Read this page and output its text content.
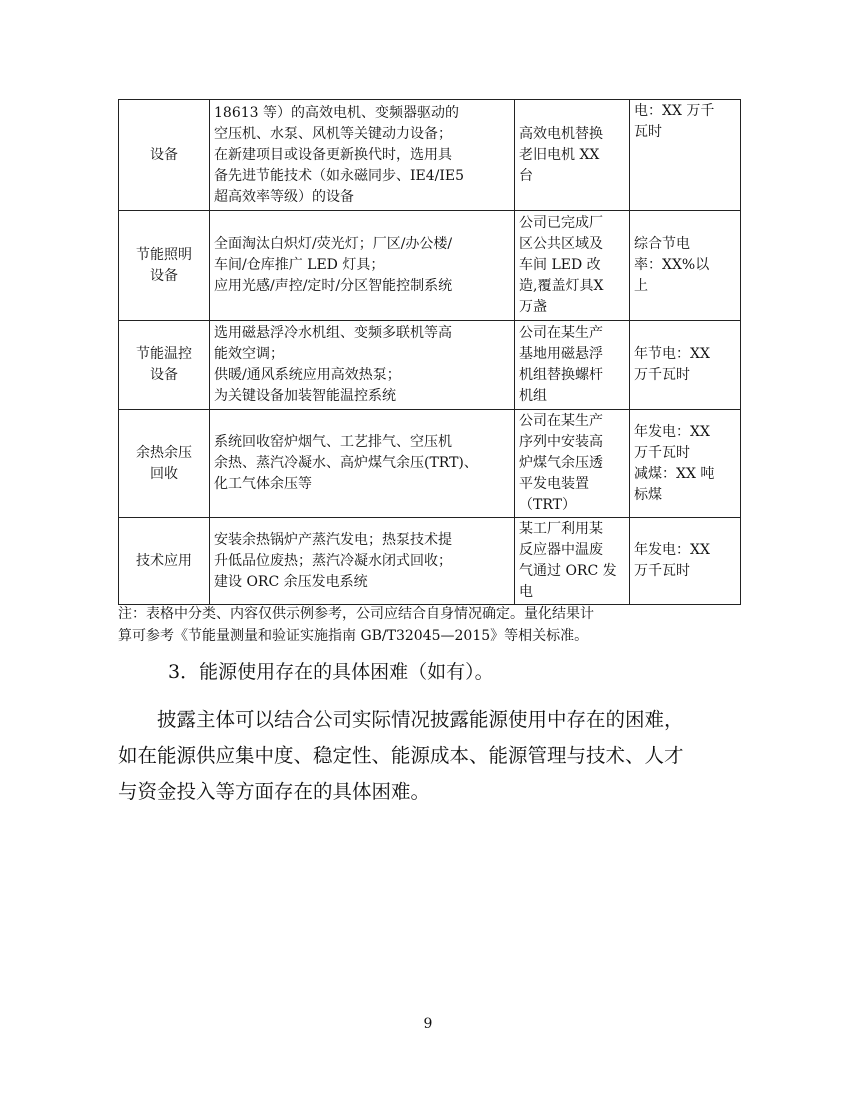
设备	18613 等）的高效电机、变频器驱动的
空压机、水泵、风机等关键动力设备；
在新建项目或设备更新换代时，选用具
备先进节能技术（如永磁同步、IE4/IE5
超高效率等级）的设备	高效电机替换
老旧电机 XX
台	电：XX 万千
瓦时
节能照明
设备	全面淘汰白炽灯/荧光灯；厂区/办公楼/
车间/仓库推广 LED 灯具；
应用光感/声控/定时/分区智能控制系统	公司已完成厂
区公共区域及
车间 LED 改
造,覆盖灯具X
万盏	综合节电
率：XX%以
上
节能温控
设备	选用磁悬浮冷水机组、变频多联机等高
能效空调；
供暖/通风系统应用高效热泵；
为关键设备加装智能温控系统	公司在某生产
基地用磁悬浮
机组替换螺杆
机组	年节电：XX
万千瓦时
余热余压
回收	系统回收窑炉烟气、工艺排气、空压机
余热、蒸汽冷凝水、高炉煤气余压(TRT)、
化工气体余压等	公司在某生产
序列中安装高
炉煤气余压透
平发电装置
（TRT）	年发电：XX
万千瓦时
减煤：XX 吨
标煤
技术应用	安装余热锅炉产蒸汽发电；热泵技术提
升低品位废热；蒸汽冷凝水闭式回收；
建设 ORC 余压发电系统	某工厂利用某
反应器中温废
气通过 ORC 发
电	年发电：XX
万千瓦时
注：表格中分类、内容仅供示例参考，公司应结合自身情况确定。量化结果计
算可参考《节能量测量和验证实施指南 GB/T32045—2015》等相关标准。
3．能源使用存在的具体困难（如有）。
　　披露主体可以结合公司实际情况披露能源使用中存在的困难，
如在能源供应集中度、稳定性、能源成本、能源管理与技术、人才
与资金投入等方面存在的具体困难。
9
